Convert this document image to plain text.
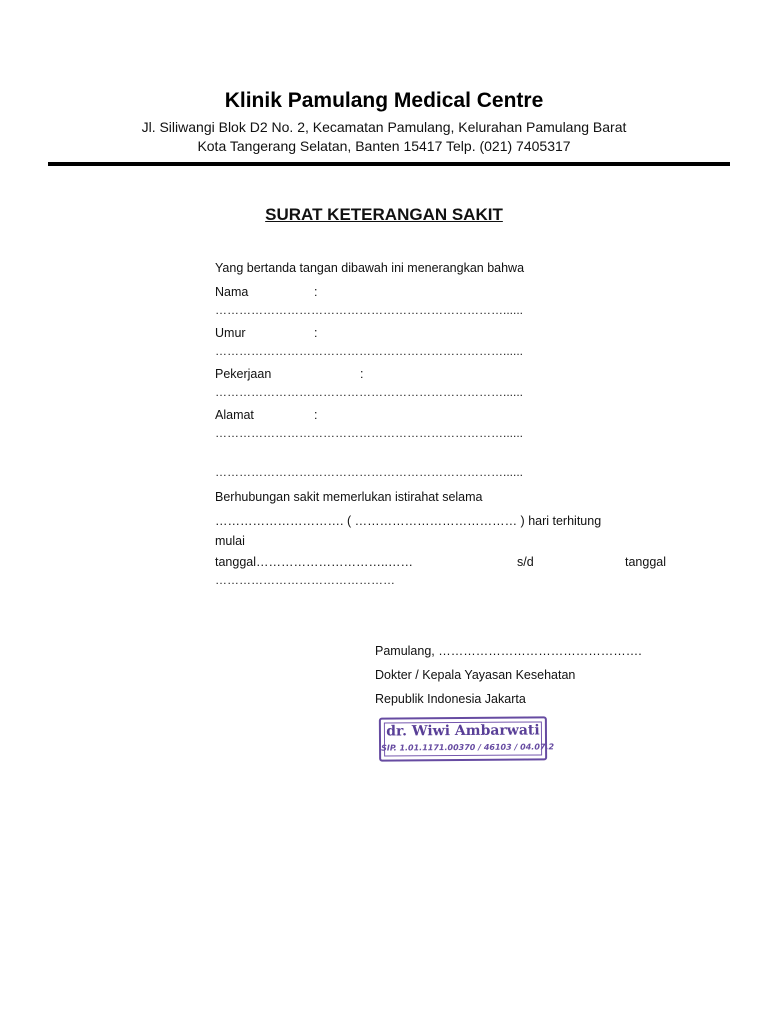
Klinik Pamulang Medical Centre
Jl. Siliwangi Blok D2 No. 2, Kecamatan Pamulang, Kelurahan Pamulang Barat
Kota Tangerang Selatan, Banten 15417 Telp. (021) 7405317
SURAT KETERANGAN SAKIT
Yang bertanda tangan dibawah ini menerangkan bahwa
Nama	:
………………………………………………………………......
Umur	:
………………………………………………………………......
Pekerjaan	:
………………………………………………………………......
Alamat	:
………………………………………………………………......
………………………………………………………………......
Berhubungan sakit memerlukan istirahat selama
…………………………. ( ………………………………… ) hari terhitung
mulai
tanggal…………………………..……	s/d	tanggal
………………………………………
Pamulang, ………………………………………….
Dokter / Kepala Yayasan Kesehatan
Republik Indonesia Jakarta
dr. Wiwi Ambarwati
SIP. 1.01.1171.00370 / 46103 / 04.07.2
